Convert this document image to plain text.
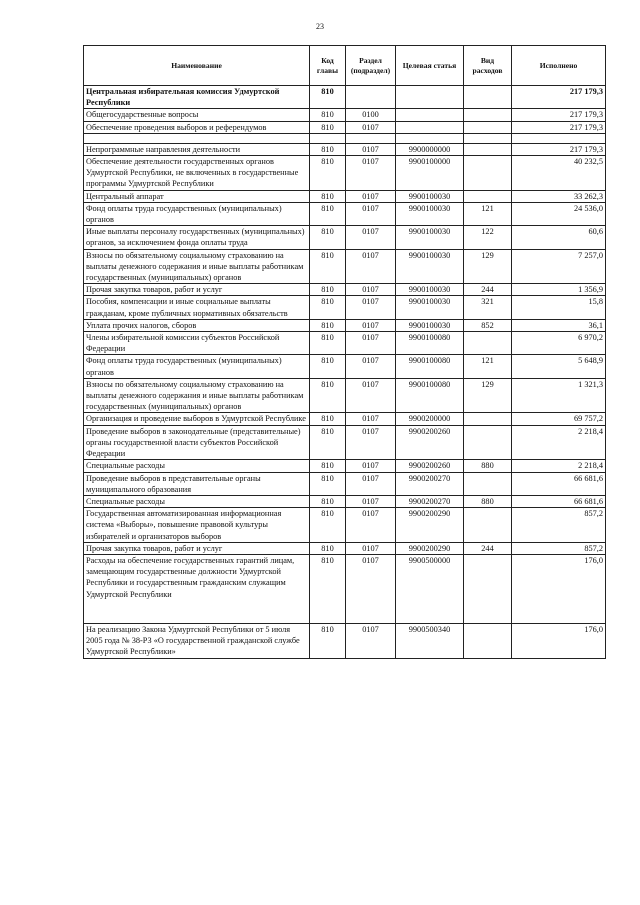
23
Наименование	Код главы	Раздел (подраздел)	Целевая статья	Вид расходов	Исполнено
Центральная избирательная комиссия Удмуртской Республики	810				217 179,3
Общегосударственные вопросы	810	0100			217 179,3
Обеспечение проведения выборов и референдумов	810	0107			217 179,3

Непрограммные направления деятельности	810	0107	9900000000		217 179,3
Обеспечение деятельности государственных органов Удмуртской Республики, не включенных в государственные программы Удмуртской Республики	810	0107	9900100000		40 232,5
Центральный аппарат	810	0107	9900100030		33 262,3
Фонд оплаты труда государственных (муниципальных) органов	810	0107	9900100030	121	24 536,0
Иные выплаты персоналу государственных (муниципальных) органов, за исключением фонда оплаты труда	810	0107	9900100030	122	60,6
Взносы по обязательному социальному страхованию на выплаты денежного содержания и иные выплаты работникам государственных (муниципальных) органов	810	0107	9900100030	129	7 257,0
Прочая закупка товаров, работ и услуг	810	0107	9900100030	244	1 356,9
Пособия, компенсации и иные социальные выплаты гражданам, кроме публичных нормативных обязательств	810	0107	9900100030	321	15,8
Уплата прочих налогов, сборов	810	0107	9900100030	852	36,1
Члены избирательной комиссии субъектов Российской Федерации	810	0107	9900100080		6 970,2
Фонд оплаты труда государственных (муниципальных) органов	810	0107	9900100080	121	5 648,9
Взносы по обязательному социальному страхованию на выплаты денежного содержания и иные выплаты работникам государственных (муниципальных) органов	810	0107	9900100080	129	1 321,3
Организация и проведение выборов в Удмуртской Республике	810	0107	9900200000		69 757,2
Проведение выборов в законодательные (представительные) органы государственной власти субъектов Российской Федерации	810	0107	9900200260		2 218,4
Специальные расходы	810	0107	9900200260	880	2 218,4
Проведение выборов в представительные органы муниципального образования	810	0107	9900200270		66 681,6
Специальные расходы	810	0107	9900200270	880	66 681,6
Государственная автоматизированная информационная система «Выборы», повышение правовой культуры избирателей и организаторов выборов	810	0107	9900200290		857,2
Прочая закупка товаров, работ и услуг	810	0107	9900200290	244	857,2
Расходы на обеспечение государственных гарантий лицам, замещающим государственные должности Удмуртской Республики и государственным гражданским служащим Удмуртской Республики	810	0107	9900500000		176,0
На реализацию Закона Удмуртской Республики от 5 июля 2005 года № 38-РЗ «О государственной гражданской службе Удмуртской Республики»	810	0107	9900500340		176,0
